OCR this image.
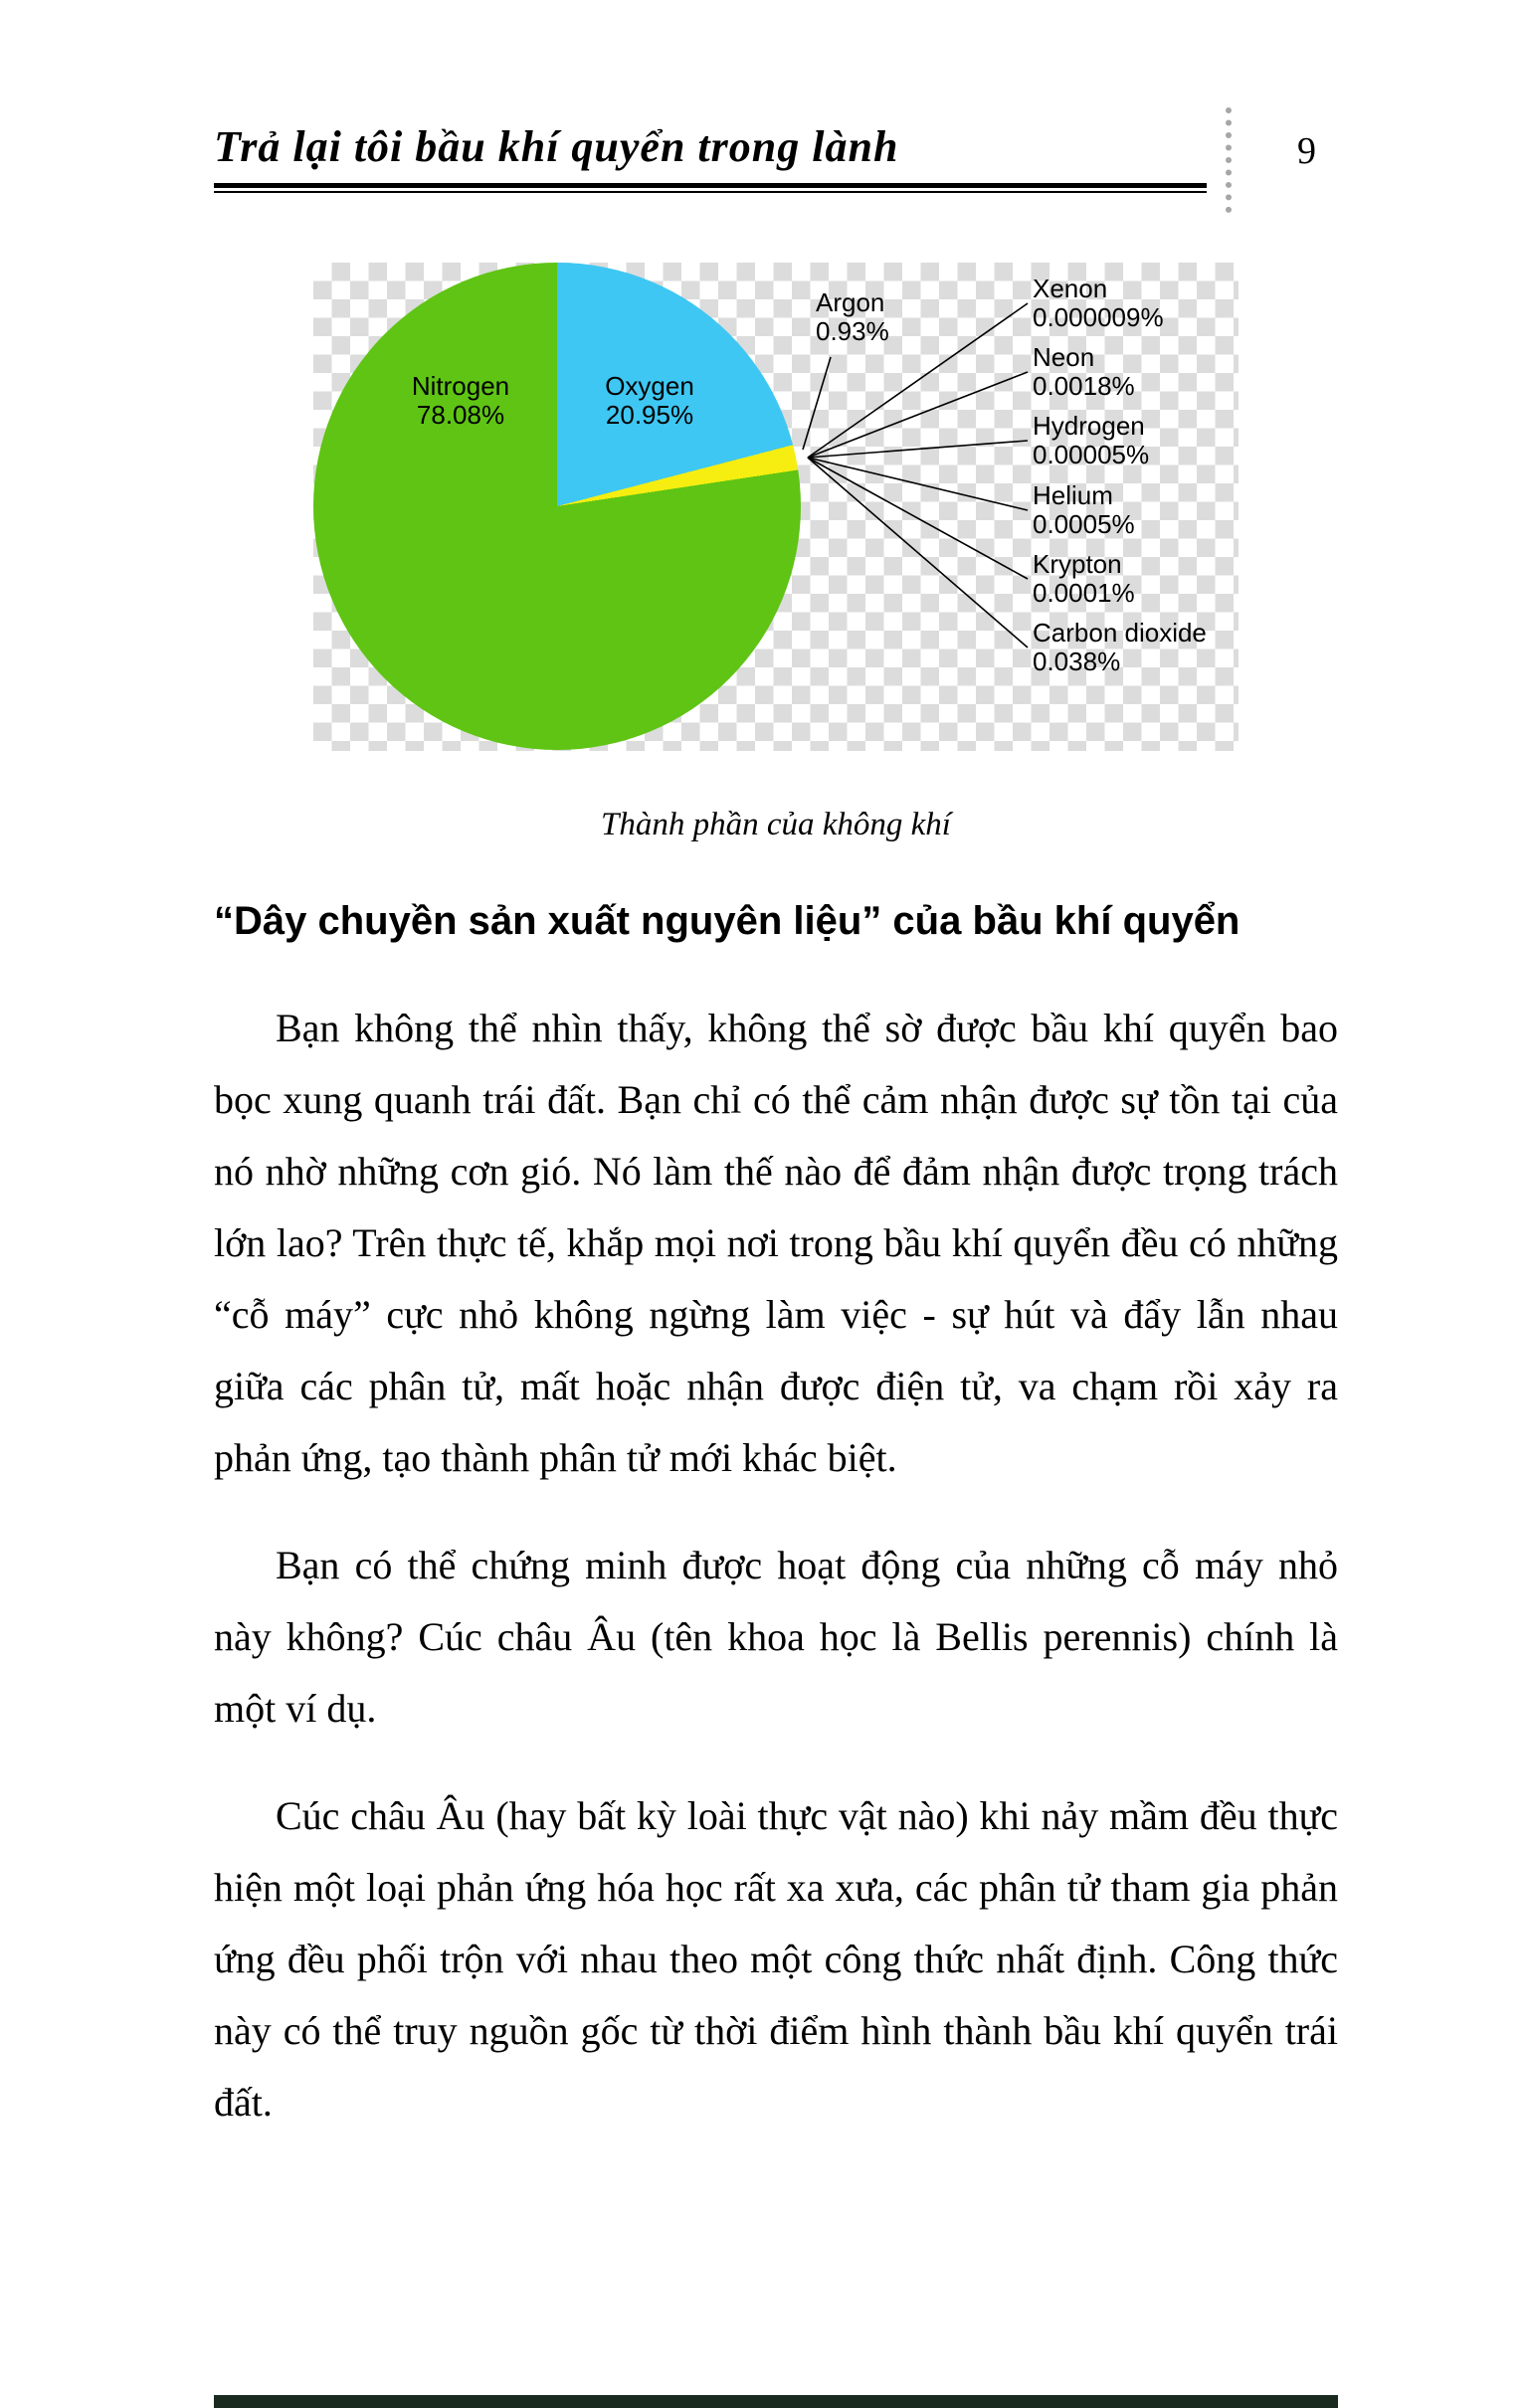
Trả lại tôi bầu khí quyển trong lành	9
Nitrogen
78.08%
Oxygen
20.95%
Argon
0.93%
Xenon
0.000009%
Neon
0.0018%
Hydrogen
0.00005%
Helium
0.0005%
Krypton
0.0001%
Carbon dioxide
0.038%
Thành phần của không khí
“Dây chuyền sản xuất nguyên liệu” của bầu khí quyển

Bạn không thể nhìn thấy, không thể sờ được bầu khí quyển bao bọc xung quanh trái đất. Bạn chỉ có thể cảm nhận được sự tồn tại của nó nhờ những cơn gió. Nó làm thế nào để đảm nhận được trọng trách lớn lao? Trên thực tế, khắp mọi nơi trong bầu khí quyển đều có những “cỗ máy” cực nhỏ không ngừng làm việc - sự hút và đẩy lẫn nhau giữa các phân tử, mất hoặc nhận được điện tử, va chạm rồi xảy ra phản ứng, tạo thành phân tử mới khác biệt.

Bạn có thể chứng minh được hoạt động của những cỗ máy nhỏ này không? Cúc châu Âu (tên khoa học là Bellis perennis) chính là một ví dụ.

Cúc châu Âu (hay bất kỳ loài thực vật nào) khi nảy mầm đều thực hiện một loại phản ứng hóa học rất xa xưa, các phân tử tham gia phản ứng đều phối trộn với nhau theo một công thức nhất định. Công thức này có thể truy nguồn gốc từ thời điểm hình thành bầu khí quyển trái đất.
